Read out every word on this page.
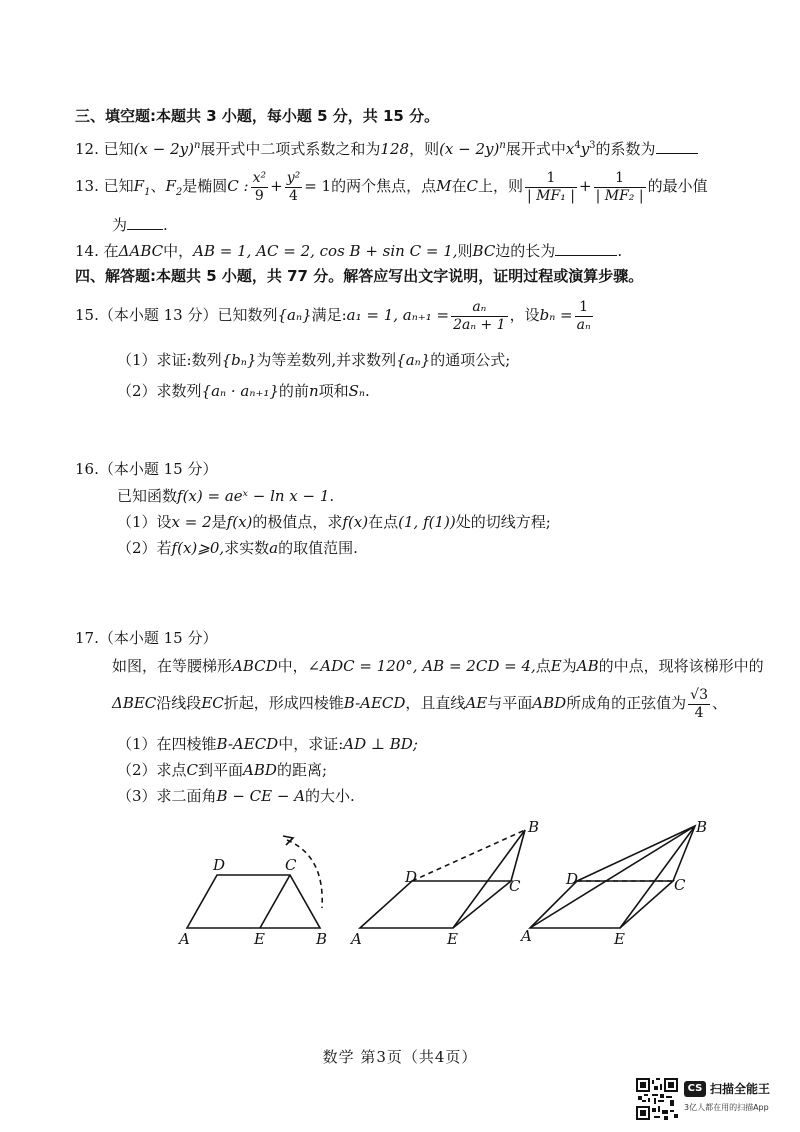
三、填空题:本题共 3 小题，每小题 5 分，共 15 分。
12. 已知$(x - 2y)^n$展开式中二项式系数之和为128，则$(x - 2y)^n$展开式中$x^4y^3$的系数为
13. 已知$F_1$、$F_2$是椭圆C : $\frac{\text{x²}}{9} + \frac{\text{y²}}{4} = 1$的两个焦点，点M在C上，则 $\frac{1}{\text{| MF₁ |}} + \frac{1}{\text{| MF₂ |}}$ 的最小值
为 .
14. 在ΔABC中，AB = 1, AC = 2, cos B + sin C = 1,则BC边的长为	.
四、解答题:本题共 5 小题，共 77 分。解答应写出文字说明，证明过程或演算步骤。
15.（本小题 13 分）已知数列{aₙ}满足:a₁ = 1, $a_{n+1} = \frac{\text{aₙ}}{\text{2aₙ + 1}}$ ，设$b_n = \frac{1}{\text{aₙ}}$
（1）求证:数列{bₙ}为等差数列,并求数列{aₙ}的通项公式;
（2）求数列{aₙ · aₙ₊₁}的前n项和Sₙ.
16.（本小题 15 分）
已知函数f(x) = aeˣ − ln x − 1.
（1）设x = 2是f(x)的极值点，求f(x)在点(1, f(1))处的切线方程;
（2）若f(x)⩾0,求实数a的取值范围.
17.（本小题 15 分）
如图，在等腰梯形ABCD中，∠ADC = 120°, AB = 2CD = 4,点E为AB的中点，现将该梯形中的
ΔBEC沿线段EC折起，形成四棱锥B-AECD，且直线AE与平面ABD所成角的正弦值为 $\frac{√3}{4}$ 、
（1）在四棱锥B-AECD中，求证:AD ⊥ BD;
（2）求点C到平面ABD的距离;
（3）求二面角B − CE − A的大小.
D	C
A	E	B
D	C
A	E
B
D	C
A	E
B
数学 第3页（共4页）
CS 扫描全能王
3亿人都在用的扫描App
